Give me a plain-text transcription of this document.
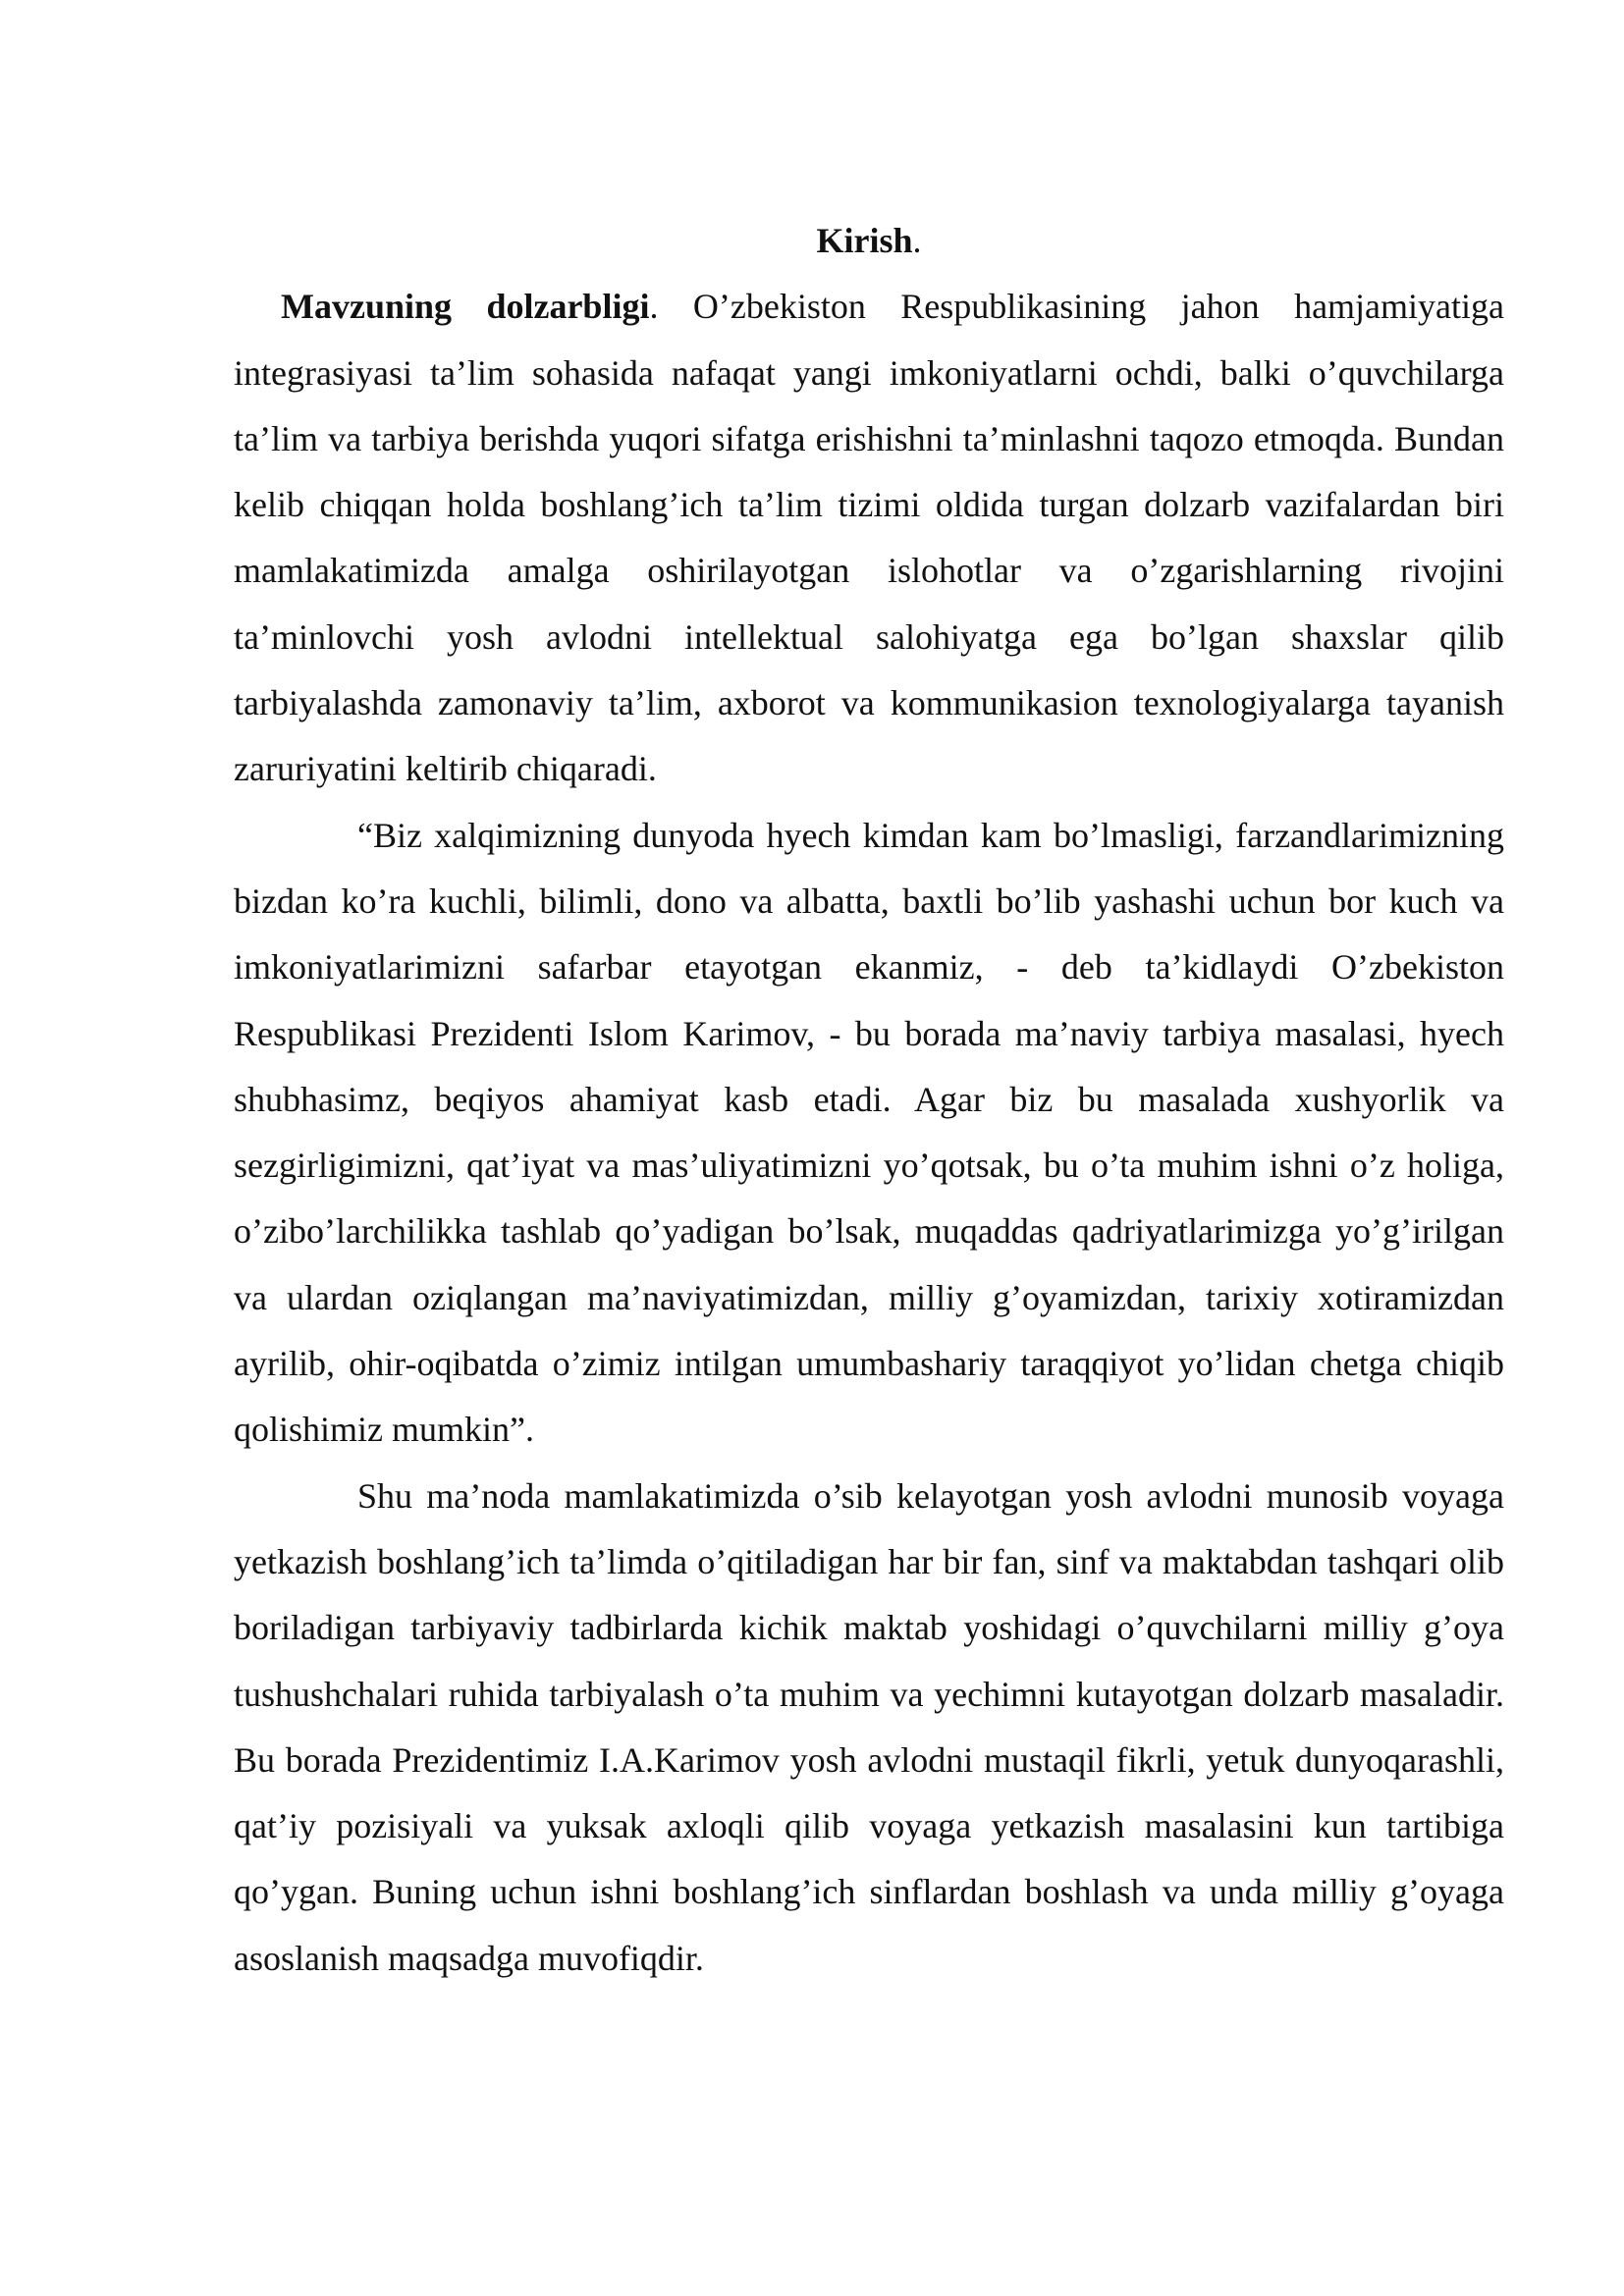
Kirish.

Mavzuning dolzarbligi. O’zbekiston Respublikasining jahon hamjamiyatiga integrasiyasi ta’lim sohasida nafaqat yangi imkoniyatlarni ochdi, balki o’quvchilarga ta’lim va tarbiya berishda yuqori sifatga erishishni ta’minlashni taqozo etmoqda. Bundan kelib chiqqan holda boshlang’ich ta’lim tizimi oldida turgan dolzarb vazifalardan biri mamlakatimizda amalga oshirilayotgan islohotlar va o’zgarishlarning rivojini ta’minlovchi yosh avlodni intellektual salohiyatga ega bo’lgan shaxslar qilib tarbiyalashda zamonaviy ta’lim, axborot va kommunikasion texnologiyalarga tayanish zaruriyatini keltirib chiqaradi.

“Biz xalqimizning dunyoda hyech kimdan kam bo’lmasligi, farzandlarimizning bizdan ko’ra kuchli, bilimli, dono va albatta, baxtli bo’lib yashashi uchun bor kuch va imkoniyatlarimizni safarbar etayotgan ekanmiz, - deb ta’kidlaydi O’zbekiston Respublikasi Prezidenti Islom Karimov, - bu borada ma’naviy tarbiya masalasi, hyech shubhasimz, beqiyos ahamiyat kasb etadi. Agar biz bu masalada xushyorlik va sezgirligimizni, qat’iyat va mas’uliyatimizni yo’qotsak, bu o’ta muhim ishni o’z holiga, o’zibo’larchilikka tashlab qo’yadigan bo’lsak, muqaddas qadriyatlarimizga yo’g’irilgan va ulardan oziqlangan ma’naviyatimizdan, milliy g’oyamizdan, tarixiy xotiramizdan ayrilib, ohir-oqibatda o’zimiz intilgan umumbashariy taraqqiyot yo’lidan chetga chiqib qolishimiz mumkin”.

Shu ma’noda mamlakatimizda o’sib kelayotgan yosh avlodni munosib voyaga yetkazish boshlang’ich ta’limda o’qitiladigan har bir fan, sinf va maktabdan tashqari olib boriladigan tarbiyaviy tadbirlarda kichik maktab yoshidagi o’quvchilarni milliy g’oya tushushchalari ruhida tarbiyalash o’ta muhim va yechimni kutayotgan dolzarb masaladir. Bu borada Prezidentimiz I.A.Karimov yosh avlodni mustaqil fikrli, yetuk dunyoqarashli, qat’iy pozisiyali va yuksak axloqli qilib voyaga yetkazish masalasini kun tartibiga qo’ygan. Buning uchun ishni boshlang’ich sinflardan boshlash va unda milliy g’oyaga asoslanish maqsadga muvofiqdir.
